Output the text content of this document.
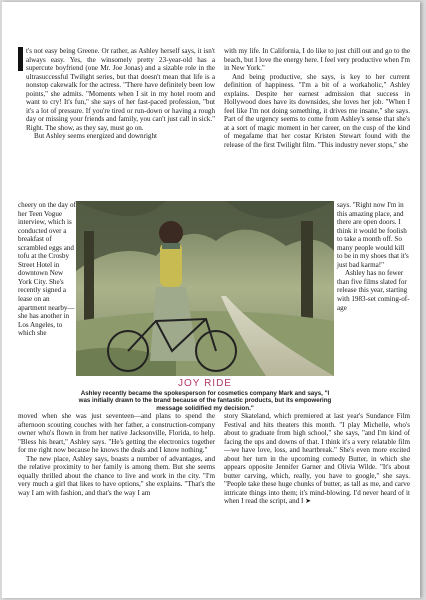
t's not easy being Greene. Or rather, as Ashley herself says, it isn't always easy. Yes, the winsomely pretty 23-year-old has a supercute boyfriend (one Mr. Joe Jonas) and a sizable role in the ultrasuccessful Twilight series, but that doesn't mean that life is a nonstop cakewalk for the actress. "There have definitely been low points," she admits. "Moments when I sit in my hotel room and want to cry! It's fun," she says of her fast-paced profession, "but it's a lot of pressure. If you're tired or run-down or having a rough day or missing your friends and family, you can't just call in sick." Right. The show, as they say, must go on.

But Ashley seems energized and downright

with my life. In California, I do like to just chill out and go to the beach, but I love the energy here. I feel very productive when I'm in New York."

And being productive, she says, is key to her current definition of happiness. "I'm a bit of a workaholic," Ashley explains. Despite her earnest admission that success in Hollywood does have its downsides, she loves her job. "When I feel like I'm not doing something, it drives me insane," she says. Part of the urgency seems to come from Ashley's sense that she's at a sort of magic moment in her career, on the cusp of the kind of megafame that her costar Kristen Stewart found with the release of the first Twilight film. "This industry never stops," she

cheery on the day of her Teen Vogue interview, which is conducted over a breakfast of scrambled eggs and tofu at the Crosby Street Hotel in downtown New York City. She's recently signed a lease on an apartment nearby—she has another in Los Angeles, to which she
JOY RIDE
Ashley recently became the spokesperson for cosmetics company Mark and says, "I was initially drawn to the brand because of the fantastic products, but its empowering message solidified my decision."
says. "Right now I'm in this amazing place, and there are open doors. I think it would be foolish to take a month off. So many people would kill to be in my shoes that it's just bad karma!"
Ashley has no fewer than five films slated for release this year, starting with 1983-set coming-of-age

moved when she was just seventeen—and plans to spend the afternoon scouting couches with her father, a construction-company owner who's flown in from her native Jacksonville, Florida, to help. "Bless his heart," Ashley says. "He's getting the electronics together for me right now because he knows the deals and I know nothing."

The new place, Ashley says, boasts a number of advantages, and the relative proximity to her family is among them. But she seems equally thrilled about the chance to live and work in the city. "I'm very much a girl that likes to have options," she explains. "That's the way I am with fashion, and that's the way I am

story Skateland, which premiered at last year's Sundance Film Festival and hits theaters this month. "I play Michelle, who's about to graduate from high school," she says, "and I'm kind of facing the ups and downs of that. I think it's a very relatable film—we have love, loss, and heartbreak." She's even more excited about her turn in the upcoming comedy Butter, in which she appears opposite Jennifer Garner and Olivia Wilde. "It's about butter carving, which, really, you have to google," she says. "People take these huge chunks of butter, as tall as me, and carve intricate things into them; it's mind-blowing. I'd never heard of it when I read the script, and I ➤
